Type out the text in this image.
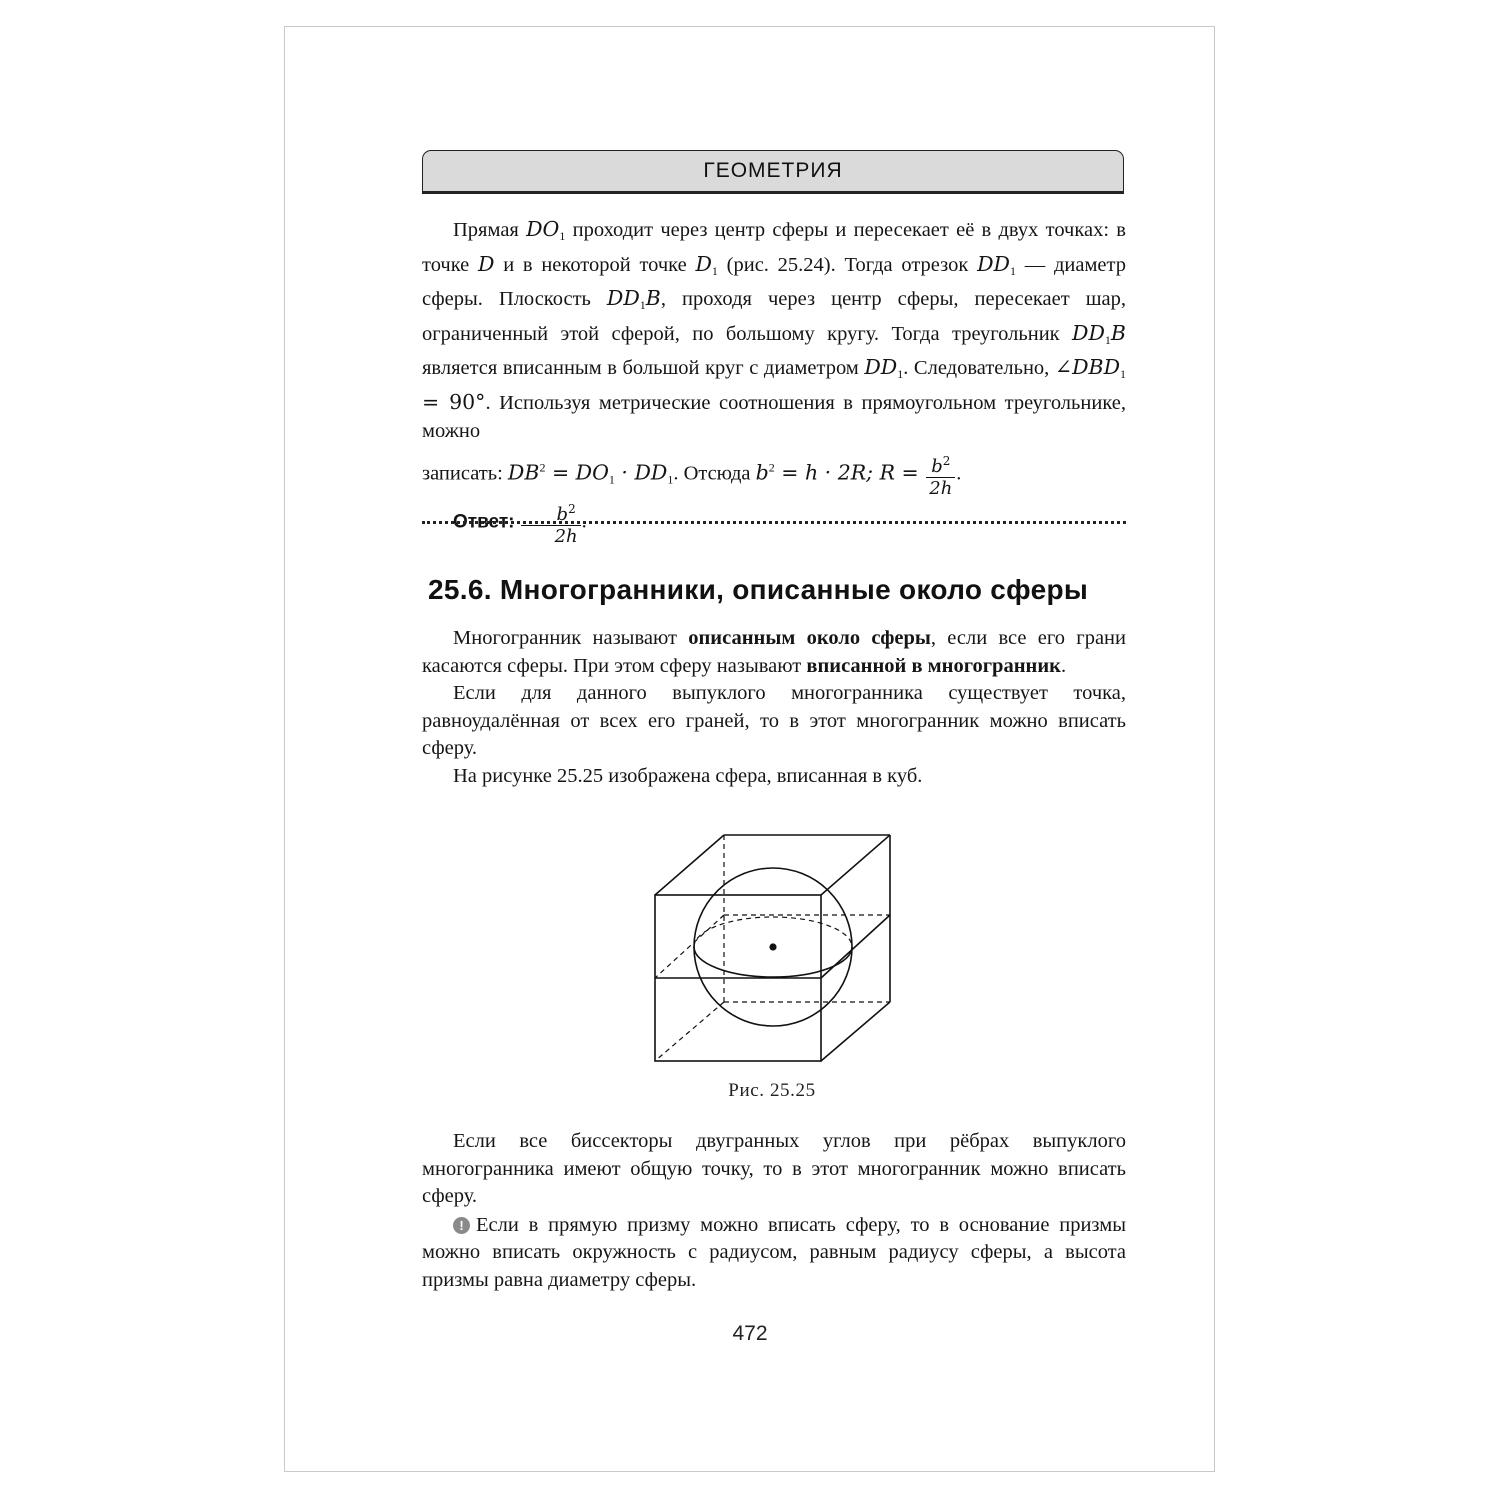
ГЕОМЕТРИЯ

Прямая $DO_1$ проходит через центр сферы и пересекает её в двух точках: в точке D и в некоторой точке $D_1$ (рис. 25.24). Тогда отрезок $DD_1$ — диаметр сферы. Плоскость $DD_1B$, проходя через центр сферы, пересекает шар, ограниченный этой сферой, по большому кругу. Тогда треугольник $DD_1B$ является вписанным в большой круг с диаметром $DD_1$. Следовательно, $\angle DBD_1 = 90^\circ$. Используя метрические соотношения в прямоугольном треугольнике, можно

записать: $DB^2 = DO_1 \cdot DD_1$. Отсюда $b^2 = h \cdot 2R$; $R = \frac{b^2}{2h}$ .

Ответ: $\frac{b^2}{2h}$ .

25.6. Многогранники, описанные около сферы

Многогранник называют описанным около сферы, если все его грани касаются сферы. При этом сферу называют вписанной в многогранник.

Если для данного выпуклого многогранника существует точка, равноудалённая от всех его граней, то в этот многогранник можно вписать сферу.

На рисунке 25.25 изображена сфера, вписанная в куб.

Рис. 25.25

Если все биссекторы двугранных углов при рёбрах выпуклого многогранника имеют общую точку, то в этот многогранник можно вписать сферу.

! Если в прямую призму можно вписать сферу, то в основание призмы можно вписать окружность с радиусом, равным радиусу сферы, а высота призмы равна диаметру сферы.

472
